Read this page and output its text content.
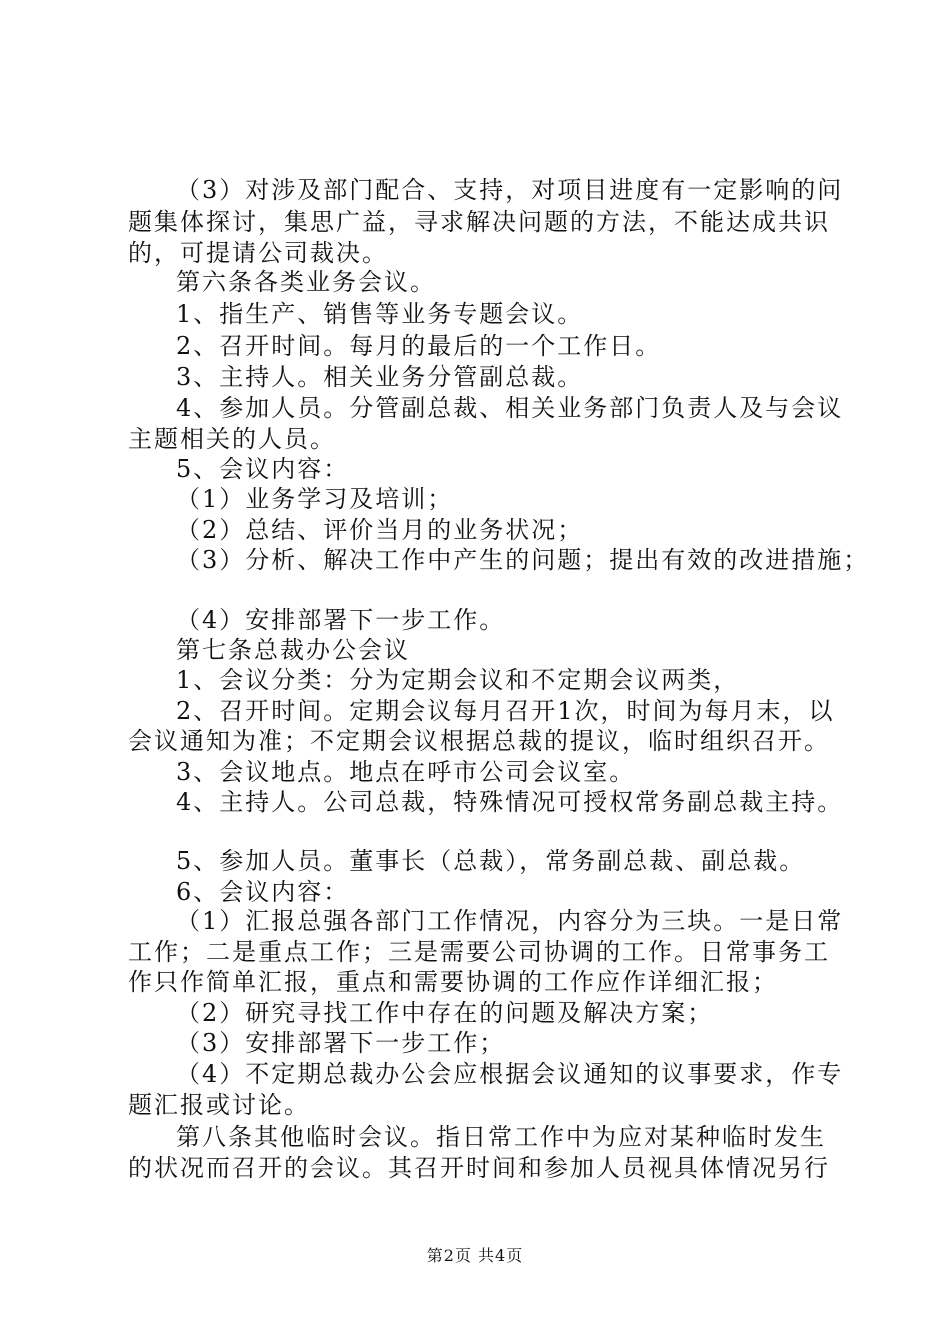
（3）对涉及部门配合、支持，对项目进度有一定影响的问
题集体探讨，集思广益，寻求解决问题的方法，不能达成共识
的，可提请公司裁决。
第六条各类业务会议。
1、指生产、销售等业务专题会议。
2、召开时间。每月的最后的一个工作日。
3、主持人。相关业务分管副总裁。
4、参加人员。分管副总裁、相关业务部门负责人及与会议
主题相关的人员。
5、会议内容：
（1）业务学习及培训；
（2）总结、评价当月的业务状况；
（3）分析、解决工作中产生的问题；提出有效的改进措施；
（4）安排部署下一步工作。
第七条总裁办公会议
1、会议分类：分为定期会议和不定期会议两类，
2、召开时间。定期会议每月召开1次，时间为每月末，以
会议通知为准；不定期会议根据总裁的提议，临时组织召开。
3、会议地点。地点在呼市公司会议室。
4、主持人。公司总裁，特殊情况可授权常务副总裁主持。
5、参加人员。董事长（总裁），常务副总裁、副总裁。
6、会议内容：
（1）汇报总强各部门工作情况，内容分为三块。一是日常
工作；二是重点工作；三是需要公司协调的工作。日常事务工
作只作简单汇报，重点和需要协调的工作应作详细汇报；
（2）研究寻找工作中存在的问题及解决方案；
（3）安排部署下一步工作；
（4）不定期总裁办公会应根据会议通知的议事要求，作专
题汇报或讨论。
第八条其他临时会议。指日常工作中为应对某种临时发生
的状况而召开的会议。其召开时间和参加人员视具体情况另行
第2页 共4页
